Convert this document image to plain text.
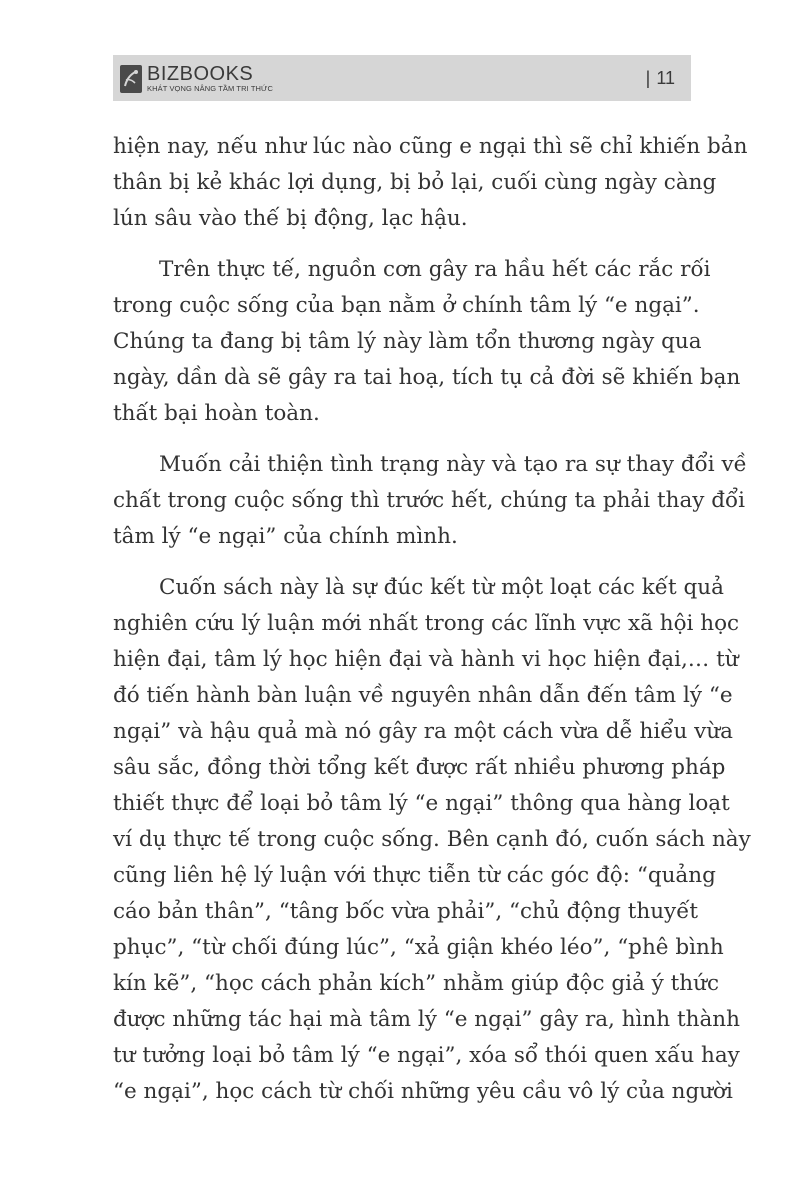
BIZBOOKS
KHÁT VỌNG NÂNG TẦM TRI THỨC
| 11

hiện nay, nếu như lúc nào cũng e ngại thì sẽ chỉ khiến bản
thân bị kẻ khác lợi dụng, bị bỏ lại, cuối cùng ngày càng
lún sâu vào thế bị động, lạc hậu.

Trên thực tế, nguồn cơn gây ra hầu hết các rắc rối
trong cuộc sống của bạn nằm ở chính tâm lý “e ngại”.
Chúng ta đang bị tâm lý này làm tổn thương ngày qua
ngày, dần dà sẽ gây ra tai hoạ, tích tụ cả đời sẽ khiến bạn
thất bại hoàn toàn.

Muốn cải thiện tình trạng này và tạo ra sự thay đổi về
chất trong cuộc sống thì trước hết, chúng ta phải thay đổi
tâm lý “e ngại” của chính mình.

Cuốn sách này là sự đúc kết từ một loạt các kết quả
nghiên cứu lý luận mới nhất trong các lĩnh vực xã hội học
hiện đại, tâm lý học hiện đại và hành vi học hiện đại,… từ
đó tiến hành bàn luận về nguyên nhân dẫn đến tâm lý “e
ngại” và hậu quả mà nó gây ra một cách vừa dễ hiểu vừa
sâu sắc, đồng thời tổng kết được rất nhiều phương pháp
thiết thực để loại bỏ tâm lý “e ngại” thông qua hàng loạt
ví dụ thực tế trong cuộc sống. Bên cạnh đó, cuốn sách này
cũng liên hệ lý luận với thực tiễn từ các góc độ: “quảng
cáo bản thân”, “tâng bốc vừa phải”, “chủ động thuyết
phục”, “từ chối đúng lúc”, “xả giận khéo léo”, “phê bình
kín kẽ”, “học cách phản kích” nhằm giúp độc giả ý thức
được những tác hại mà tâm lý “e ngại” gây ra, hình thành
tư tưởng loại bỏ tâm lý “e ngại”, xóa sổ thói quen xấu hay
“e ngại”, học cách từ chối những yêu cầu vô lý của người
